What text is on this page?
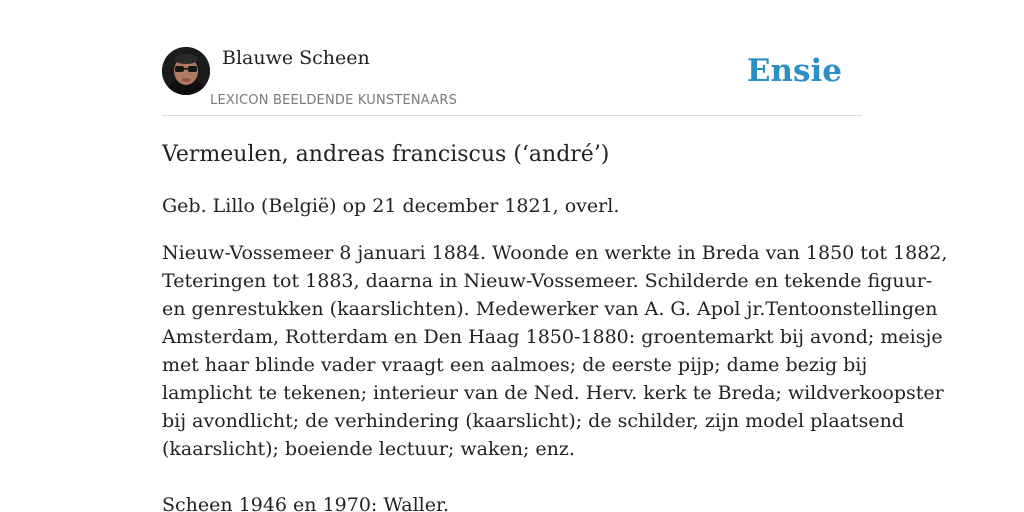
Blauwe Scheen
LEXICON BEELDENDE KUNSTENAARS
Ensie
Vermeulen, andreas franciscus (‘andré’)

Geb. Lillo (België) op 21 december 1821, overl.

Nieuw-Vossemeer 8 januari 1884. Woonde en werkte in Breda van 1850 tot 1882,
Teteringen tot 1883, daarna in Nieuw-Vossemeer. Schilderde en tekende figuur-
en genrestukken (kaarslichten). Medewerker van A. G. Apol jr.Tentoonstellingen
Amsterdam, Rotterdam en Den Haag 1850-1880: groentemarkt bij avond; meisje
met haar blinde vader vraagt een aalmoes; de eerste pijp; dame bezig bij
lamplicht te tekenen; interieur van de Ned. Herv. kerk te Breda; wildverkoopster
bij avondlicht; de verhindering (kaarslicht); de schilder, zijn model plaatsend
(kaarslicht); boeiende lectuur; waken; enz.

Scheen 1946 en 1970: Waller.
